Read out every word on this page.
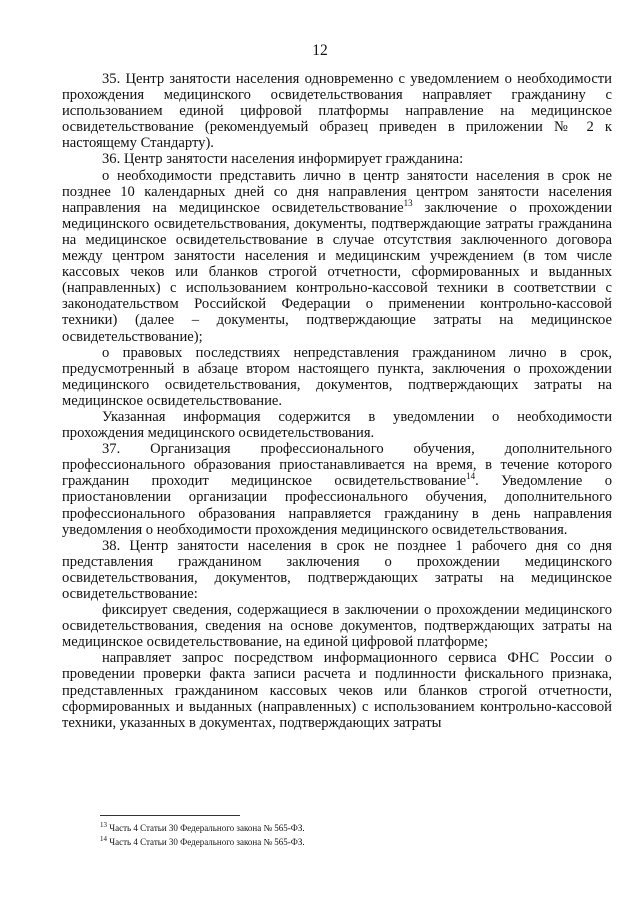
12

35. Центр занятости населения одновременно с уведомлением о необходимости прохождения медицинского освидетельствования направляет гражданину с использованием единой цифровой платформы направление на медицинское освидетельствование (рекомендуемый образец приведен в приложении № 2 к настоящему Стандарту).

36. Центр занятости населения информирует гражданина:

о необходимости представить лично в центр занятости населения в срок не позднее 10 календарных дней со дня направления центром занятости населения направления на медицинское освидетельствование$^{13}$ заключение о прохождении медицинского освидетельствования, документы, подтверждающие затраты гражданина на медицинское освидетельствование в случае отсутствия заключенного договора между центром занятости населения и медицинским учреждением (в том числе кассовых чеков или бланков строгой отчетности, сформированных и выданных (направленных) с использованием контрольно-кассовой техники в соответствии с законодательством Российской Федерации о применении контрольно-кассовой техники) (далее – документы, подтверждающие затраты на медицинское освидетельствование);

о правовых последствиях непредставления гражданином лично в срок, предусмотренный в абзаце втором настоящего пункта, заключения о прохождении медицинского освидетельствования, документов, подтверждающих затраты на медицинское освидетельствование.

Указанная информация содержится в уведомлении о необходимости прохождения медицинского освидетельствования.

37. Организация профессионального обучения, дополнительного профессионального образования приостанавливается на время, в течение которого гражданин проходит медицинское освидетельствование$^{14}$. Уведомление о приостановлении организации профессионального обучения, дополнительного профессионального образования направляется гражданину в день направления уведомления о необходимости прохождения медицинского освидетельствования.

38. Центр занятости населения в срок не позднее 1 рабочего дня со дня представления гражданином заключения о прохождении медицинского освидетельствования, документов, подтверждающих затраты на медицинское освидетельствование:

фиксирует сведения, содержащиеся в заключении о прохождении медицинского освидетельствования, сведения на основе документов, подтверждающих затраты на медицинское освидетельствование, на единой цифровой платформе;

направляет запрос посредством информационного сервиса ФНС России о проведении проверки факта записи расчета и подлинности фискального признака, представленных гражданином кассовых чеков или бланков строгой отчетности, сформированных и выданных (направленных) с использованием контрольно-кассовой техники, указанных в документах, подтверждающих затраты

$^{13}$ Часть 4 Статьи 30 Федерального закона № 565-ФЗ.
$^{14}$ Часть 4 Статьи 30 Федерального закона № 565-ФЗ.
